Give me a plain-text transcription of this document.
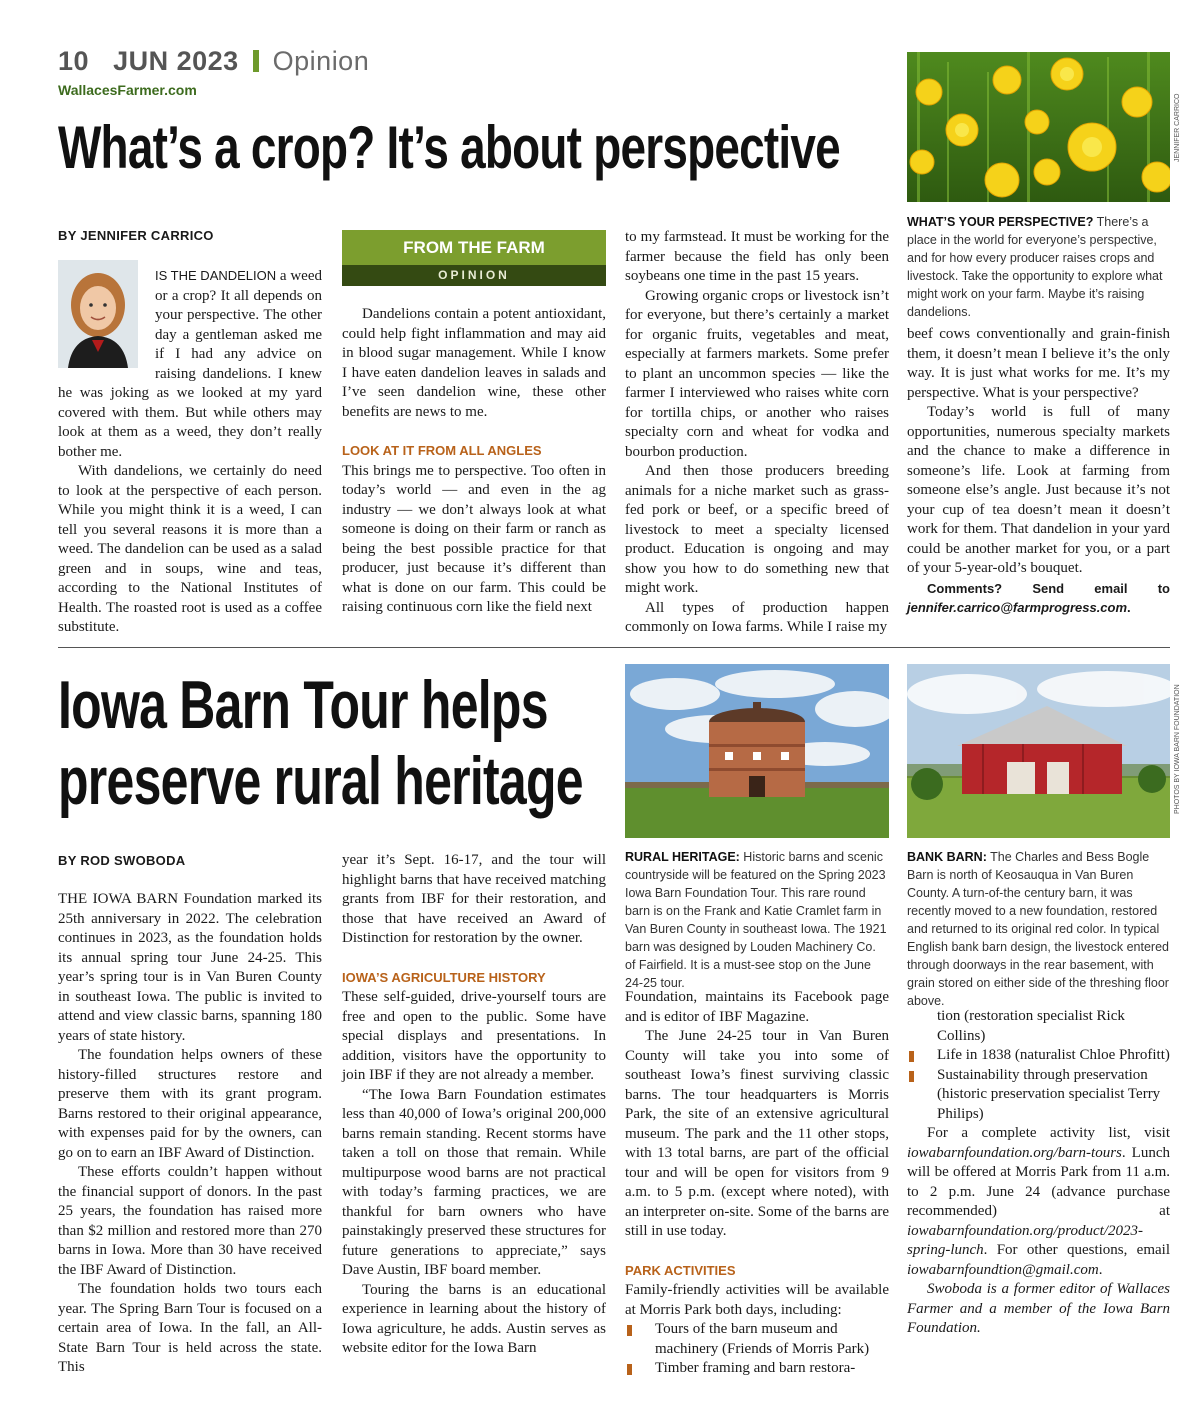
10 JUN 2023 Opinion
WallacesFarmer.com
What’s a crop? It’s about perspective	JENNIFER CARRICO
WHAT’S YOUR PERSPECTIVE? There’s a place in the world for everyone’s perspective, and for how every producer raises crops and livestock. Take the opportunity to explore what might work on your farm. Maybe it’s raising dandelions.
BY JENNIFER CARRICO

IS THE DANDELION a weed or a crop? It all depends on your perspective. The other day a gentleman asked me if I had any advice on raising dandelions. I knew he was joking as we looked at my yard covered with them. But while others may look at them as a weed, they don’t really bother me.

With dandelions, we certainly do need to look at the perspective of each person. While you might think it is a weed, I can tell you several reasons it is more than a weed. The dandelion can be used as a salad green and in soups, wine and teas, according to the National Institutes of Health. The roasted root is used as a coffee substitute.

FROM THE FARM
OPINION

Dandelions contain a potent antioxidant, could help fight inflammation and may aid in blood sugar management. While I know I have eaten dandelion leaves in salads and I’ve seen dandelion wine, these other benefits are news to me.

LOOK AT IT FROM ALL ANGLES

This brings me to perspective. Too often in today’s world — and even in the ag industry — we don’t always look at what someone is doing on their farm or ranch as being the best possible practice for that producer, just because it’s different than what is done on our farm. This could be raising continuous corn like the field next

to my farmstead. It must be working for the farmer because the field has only been soybeans one time in the past 15 years.

Growing organic crops or livestock isn’t for everyone, but there’s certainly a market for organic fruits, vegetables and meat, especially at farmers markets. Some prefer to plant an uncommon species — like the farmer I interviewed who raises white corn for tortilla chips, or another who raises specialty corn and wheat for vodka and bourbon production.

And then those producers breeding animals for a niche market such as grass-fed pork or beef, or a specific breed of livestock to meet a specialty licensed product. Education is ongoing and may show you how to do something new that might work.

All types of production happen commonly on Iowa farms. While I raise my

beef cows conventionally and grain-finish them, it doesn’t mean I believe it’s the only way. It is just what works for me. It’s my perspective. What is your perspective?

Today’s world is full of many opportunities, numerous specialty markets and the chance to make a difference in someone’s life. Look at farming from someone else’s angle. Just because it’s not your cup of tea doesn’t mean it doesn’t work for them. That dandelion in your yard could be another market for you, or a part of your 5-year-old’s bouquet.

Comments? Send email to jennifer.carrico@farmprogress.com.

Iowa Barn Tour helps
preserve rural heritage	PHOTOS BY IOWA BARN FOUNDATION
BY ROD SWOBODA

THE IOWA BARN Foundation marked its 25th anniversary in 2022. The celebration continues in 2023, as the foundation holds its annual spring tour June 24-25. This year’s spring tour is in Van Buren County in southeast Iowa. The public is invited to attend and view classic barns, spanning 180 years of state history.

The foundation helps owners of these history-filled structures restore and preserve them with its grant program. Barns restored to their original appearance, with expenses paid for by the owners, can go on to earn an IBF Award of Distinction.

These efforts couldn’t happen without the financial support of donors. In the past 25 years, the foundation has raised more than $2 million and restored more than 270 barns in Iowa. More than 30 have received the IBF Award of Distinction.

The foundation holds two tours each year. The Spring Barn Tour is focused on a certain area of Iowa. In the fall, an All-State Barn Tour is held across the state. This

year it’s Sept. 16-17, and the tour will highlight barns that have received matching grants from IBF for their restoration, and those that have received an Award of Distinction for restoration by the owner.

IOWA’S AGRICULTURE HISTORY

These self-guided, drive-yourself tours are free and open to the public. Some have special displays and presentations. In addition, visitors have the opportunity to join IBF if they are not already a member.

“The Iowa Barn Foundation estimates less than 40,000 of Iowa’s original 200,000 barns remain standing. Recent storms have taken a toll on those that remain. While multipurpose wood barns are not practical with today’s farming practices, we are thankful for barn owners who have painstakingly preserved these structures for future generations to appreciate,” says Dave Austin, IBF board member.

Touring the barns is an educational experience in learning about the history of Iowa agriculture, he adds. Austin serves as website editor for the Iowa Barn

RURAL HERITAGE: Historic barns and scenic countryside will be featured on the Spring 2023 Iowa Barn Foundation Tour. This rare round barn is on the Frank and Katie Cramlet farm in Van Buren County in southeast Iowa. The 1921 barn was designed by Louden Machinery Co. of Fairfield. It is a must-see stop on the June 24-25 tour.
BANK BARN: The Charles and Bess Bogle Barn is north of Keosauqua in Van Buren County. A turn-of-the century barn, it was recently moved to a new foundation, restored and returned to its original red color. In typical English bank barn design, the livestock entered through doorways in the rear basement, with grain stored on either side of the threshing floor above.

Foundation, maintains its Facebook page and is editor of IBF Magazine.

The June 24-25 tour in Van Buren County will take you into some of southeast Iowa’s finest surviving classic barns. The tour headquarters is Morris Park, the site of an extensive agricultural museum. The park and the 11 other stops, with 13 total barns, are part of the official tour and will be open for visitors from 9 a.m. to 5 p.m. (except where noted), with an interpreter on-site. Some of the barns are still in use today.

PARK ACTIVITIES

Family-friendly activities will be available at Morris Park both days, including:

Tours of the barn museum and machinery (Friends of Morris Park)
Timber framing and barn restora-
tion (restoration specialist Rick Collins)
Life in 1838 (naturalist Chloe Phrofitt)
Sustainability through preservation (historic preservation specialist Terry Philips)

For a complete activity list, visit iowabarnfoundation.org/barn-tours. Lunch will be offered at Morris Park from 11 a.m. to 2 p.m. June 24 (advance purchase recommended) at iowabarnfoundation.org/product/2023-spring-lunch. For other questions, email iowabarnfoundtion@gmail.com.

Swoboda is a former editor of Wallaces Farmer and a member of the Iowa Barn Foundation.
